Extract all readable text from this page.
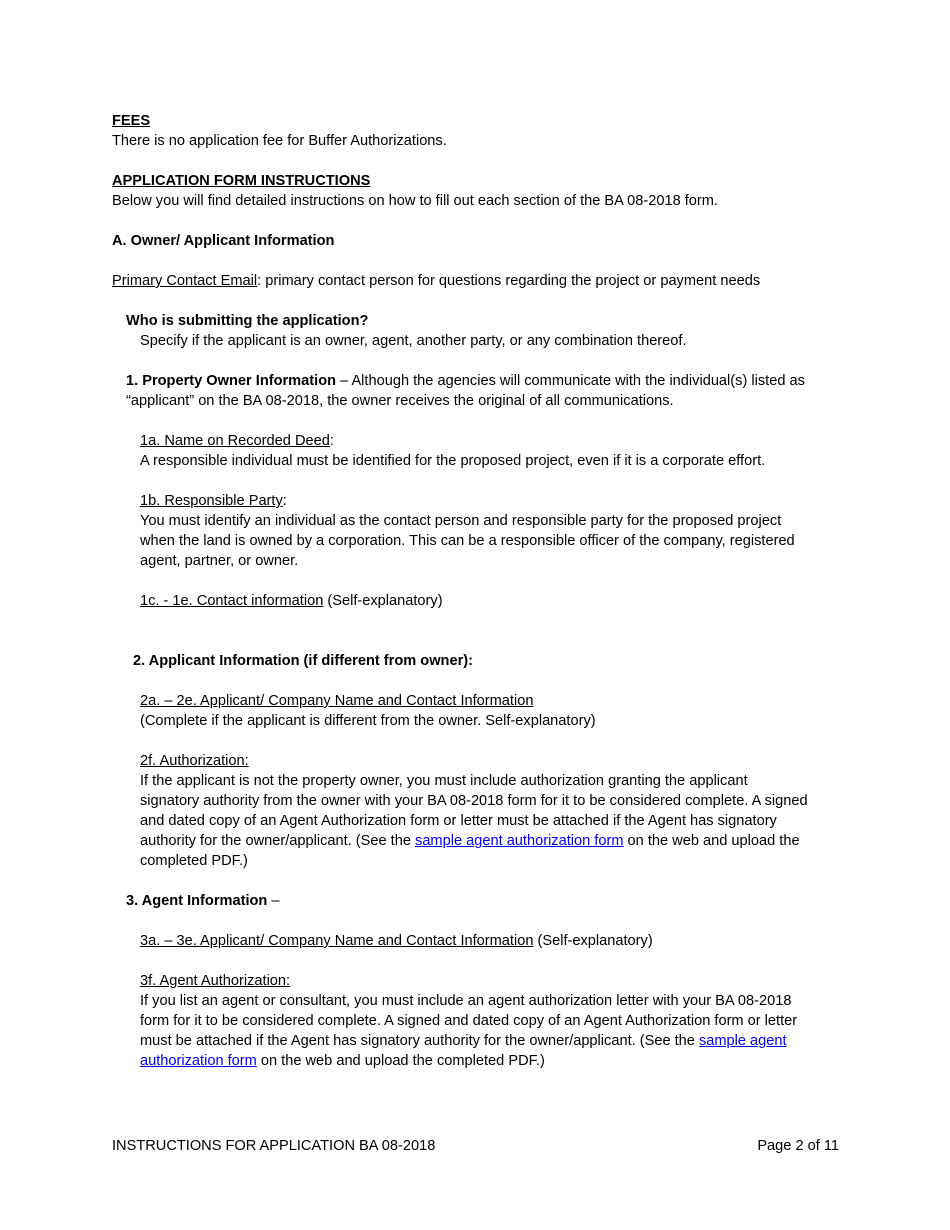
FEES

There is no application fee for Buffer Authorizations.

APPLICATION FORM INSTRUCTIONS

Below you will find detailed instructions on how to fill out each section of the BA 08-2018 form.

A. Owner/ Applicant Information

Primary Contact Email: primary contact person for questions regarding the project or payment needs

Who is submitting the application?

Specify if the applicant is an owner, agent, another party, or any combination thereof.

1. Property Owner Information – Although the agencies will communicate with the individual(s) listed as

“applicant” on the BA 08-2018, the owner receives the original of all communications.

1a. Name on Recorded Deed:

A responsible individual must be identified for the proposed project, even if it is a corporate effort.

1b. Responsible Party:

You must identify an individual as the contact person and responsible party for the proposed project

when the land is owned by a corporation. This can be a responsible officer of the company, registered

agent, partner, or owner.

1c. - 1e. Contact information (Self-explanatory)

2. Applicant Information (if different from owner):

2a. – 2e. Applicant/ Company Name and Contact Information

(Complete if the applicant is different from the owner. Self-explanatory)

2f. Authorization:

If the applicant is not the property owner, you must include authorization granting the applicant

signatory authority from the owner with your BA 08-2018 form for it to be considered complete. A signed

and dated copy of an Agent Authorization form or letter must be attached if the Agent has signatory

authority for the owner/applicant. (See the sample agent authorization form on the web and upload the

completed PDF.)

3. Agent Information –

3a. – 3e. Applicant/ Company Name and Contact Information (Self-explanatory)

3f. Agent Authorization:

If you list an agent or consultant, you must include an agent authorization letter with your BA 08-2018

form for it to be considered complete. A signed and dated copy of an Agent Authorization form or letter

must be attached if the Agent has signatory authority for the owner/applicant. (See the sample agent

authorization form on the web and upload the completed PDF.)

INSTRUCTIONS FOR APPLICATION BA 08-2018	Page 2 of 11
